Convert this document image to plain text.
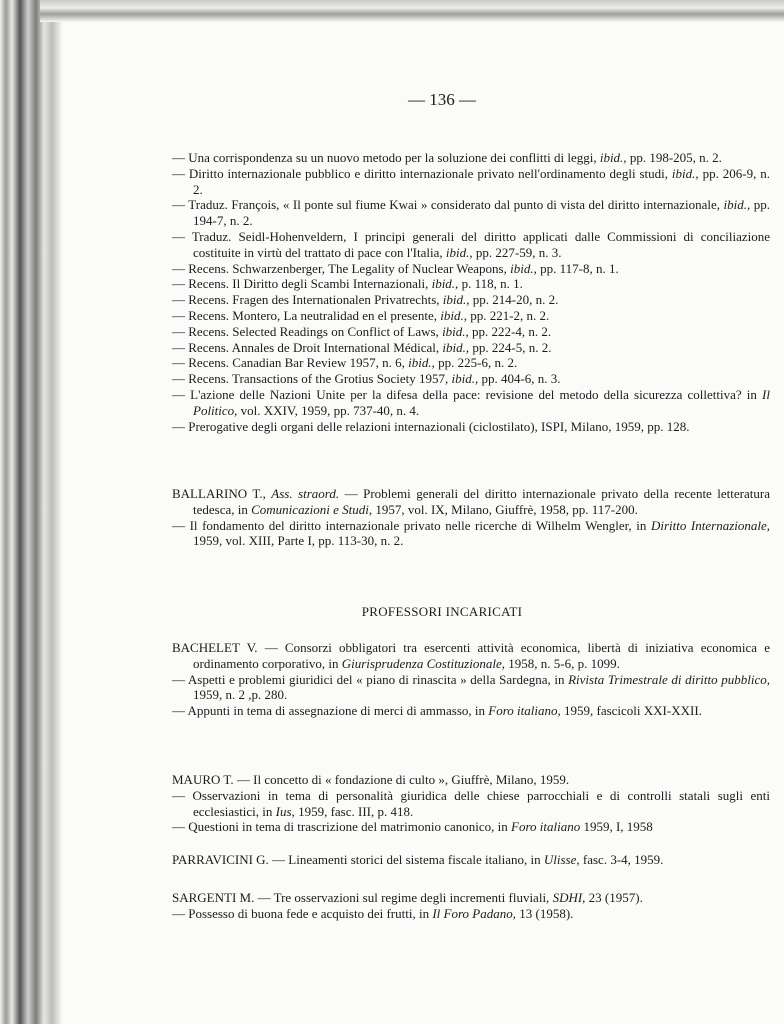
— 136 —

— Una corrispondenza su un nuovo metodo per la soluzione dei conflitti di leggi, ibid., pp. 198-205, n. 2.

— Diritto internazionale pubblico e diritto internazionale privato nell'ordinamento degli studi, ibid., pp. 206-9, n. 2.

— Traduz. François, « Il ponte sul fiume Kwai » considerato dal punto di vista del diritto internazionale, ibid., pp. 194-7, n. 2.

— Traduz. Seidl-Hohenveldern, I principi generali del diritto applicati dalle Commissioni di conciliazione costituite in virtù del trattato di pace con l'Italia, ibid., pp. 227-59, n. 3.

— Recens. Schwarzenberger, The Legality of Nuclear Weapons, ibid., pp. 117-8, n. 1.

— Recens. Il Diritto degli Scambi Internazionali, ibid., p. 118, n. 1.

— Recens. Fragen des Internationalen Privatrechts, ibid., pp. 214-20, n. 2.

— Recens. Montero, La neutralidad en el presente, ibid., pp. 221-2, n. 2.

— Recens. Selected Readings on Conflict of Laws, ibid., pp. 222-4, n. 2.

— Recens. Annales de Droit International Médical, ibid., pp. 224-5, n. 2.

— Recens. Canadian Bar Review 1957, n. 6, ibid., pp. 225-6, n. 2.

— Recens. Transactions of the Grotius Society 1957, ibid., pp. 404-6, n. 3.

— L'azione delle Nazioni Unite per la difesa della pace: revisione del metodo della sicurezza collettiva? in Il Politico, vol. XXIV, 1959, pp. 737-40, n. 4.

— Prerogative degli organi delle relazioni internazionali (ciclostilato), ISPI, Milano, 1959, pp. 128.

BALLARINO T., Ass. straord. — Problemi generali del diritto internazionale privato della recente letteratura tedesca, in Comunicazioni e Studi, 1957, vol. IX, Milano, Giuffrè, 1958, pp. 117-200.

— Il fondamento del diritto internazionale privato nelle ricerche di Wilhelm Wengler, in Diritto Internazionale, 1959, vol. XIII, Parte I, pp. 113-30, n. 2.

PROFESSORI INCARICATI

BACHELET V. — Consorzi obbligatori tra esercenti attività economica, libertà di iniziativa economica e ordinamento corporativo, in Giurisprudenza Costituzionale, 1958, n. 5-6, p. 1099.

— Aspetti e problemi giuridici del « piano di rinascita » della Sardegna, in Rivista Trimestrale di diritto pubblico, 1959, n. 2 ,p. 280.

— Appunti in tema di assegnazione di merci di ammasso, in Foro italiano, 1959, fascicoli XXI-XXII.

MAURO T. — Il concetto di « fondazione di culto », Giuffrè, Milano, 1959.

— Osservazioni in tema di personalità giuridica delle chiese parrocchiali e di controlli statali sugli enti ecclesiastici, in Ius, 1959, fasc. III, p. 418.

— Questioni in tema di trascrizione del matrimonio canonico, in Foro italiano 1959, I, 1958

PARRAVICINI G. — Lineamenti storici del sistema fiscale italiano, in Ulisse, fasc. 3-4, 1959.

SARGENTI M. — Tre osservazioni sul regime degli incrementi fluviali, SDHI, 23 (1957).

— Possesso di buona fede e acquisto dei frutti, in Il Foro Padano, 13 (1958).
